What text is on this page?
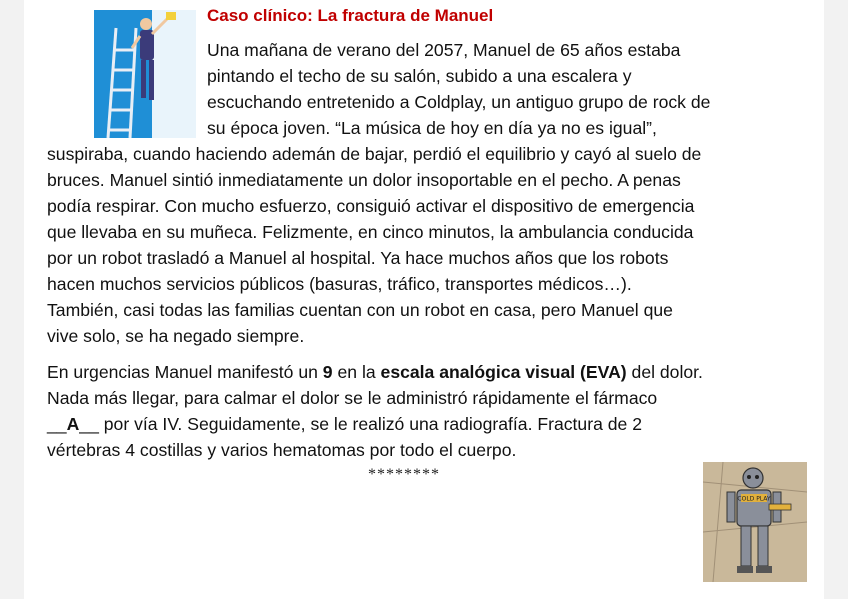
Caso clínico: La fractura de Manuel

Una mañana de verano del 2057, Manuel de 65 años estaba

pintando el techo de su salón, subido a una escalera y

escuchando entretenido a Coldplay, un antiguo grupo de rock de

su época joven. “La música de hoy en día ya no es igual”,

suspiraba, cuando haciendo ademán de bajar, perdió el equilibrio y cayó al suelo de

bruces. Manuel sintió inmediatamente un dolor insoportable en el pecho. A penas

podía respirar. Con mucho esfuerzo, consiguió activar el dispositivo de emergencia

que llevaba en su muñeca. Felizmente, en cinco minutos, la ambulancia conducida

por un robot trasladó a Manuel al hospital. Ya hace muchos años que los robots

hacen muchos servicios públicos (basuras, tráfico, transportes médicos…).

También, casi todas las familias cuentan con un robot en casa, pero Manuel que

vive solo, se ha negado siempre.

En urgencias Manuel manifestó un 9 en la escala analógica visual (EVA) del dolor.

Nada más llegar, para calmar el dolor se le administró rápidamente el fármaco

__A__ por vía IV. Seguidamente, se le realizó una radiografía. Fractura de 2

vértebras 4 costillas y varios hematomas por todo el cuerpo.

********
COLD PLAY
